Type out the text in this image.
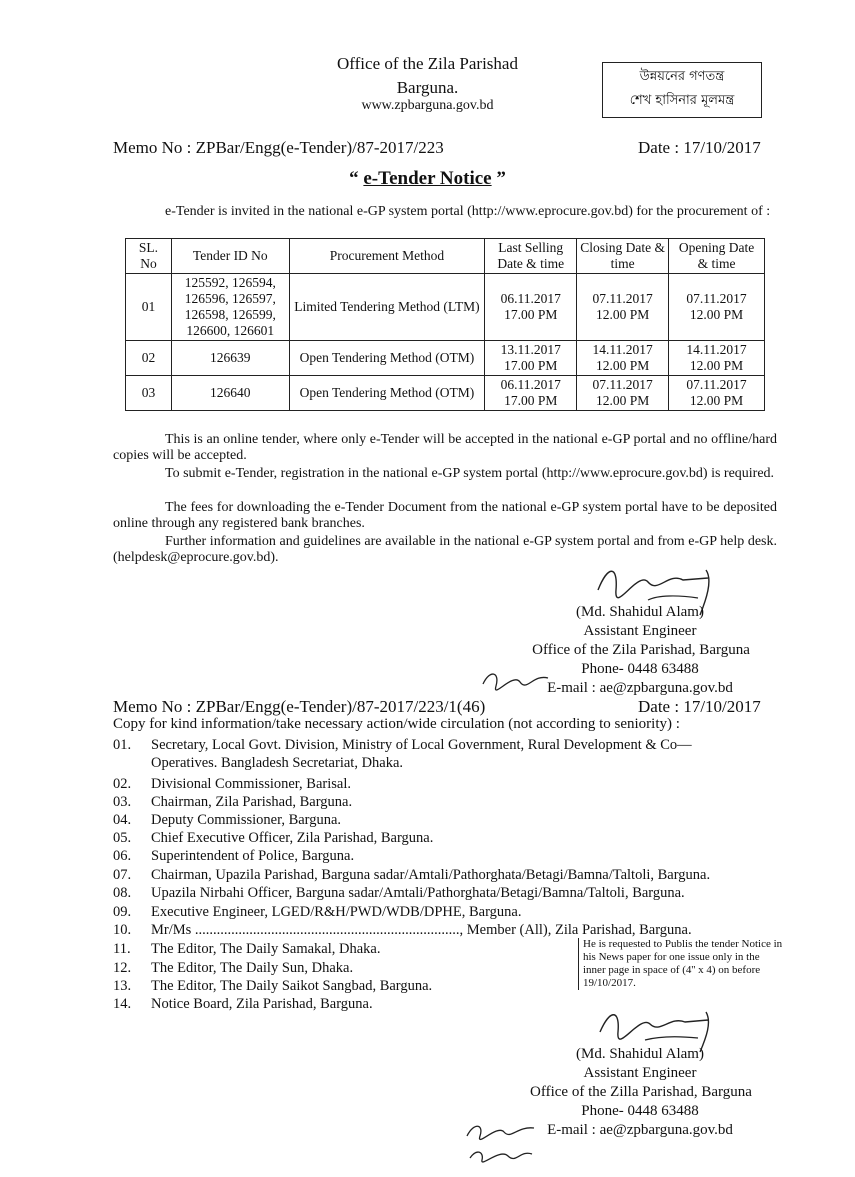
Office of the Zila Parishad
Barguna.
www.zpbarguna.gov.bd
উন্নয়নের গণতন্ত্র
শেখ হাসিনার মূলমন্ত্র
Memo No : ZPBar/Engg(e-Tender)/87-2017/223	Date : 17/10/2017
“ e-Tender Notice ”
e-Tender is invited in the national e-GP system portal (http://www.eprocure.gov.bd) for the procurement of :
SL. No	Tender ID No	Procurement Method	Last Selling Date & time	Closing Date & time	Opening Date & time
01	125592, 126594, 126596, 126597, 126598, 126599, 126600, 126601	Limited Tendering Method (LTM)	06.11.2017 17.00 PM	07.11.2017 12.00 PM	07.11.2017 12.00 PM
02	126639	Open Tendering Method (OTM)	13.11.2017 17.00 PM	14.11.2017 12.00 PM	14.11.2017 12.00 PM
03	126640	Open Tendering Method (OTM)	06.11.2017 17.00 PM	07.11.2017 12.00 PM	07.11.2017 12.00 PM
This is an online tender, where only e-Tender will be accepted in the national e-GP portal and no offline/hard copies will be accepted.
To submit e-Tender, registration in the national e-GP system portal (http://www.eprocure.gov.bd) is required.
The fees for downloading the e-Tender Document from the national e-GP system portal have to be deposited online through any registered bank branches.
Further information and guidelines are available in the national e-GP system portal and from e-GP help desk. (helpdesk@eprocure.gov.bd).
(Md. Shahidul Alam)
Assistant Engineer
Office of the Zila Parishad, Barguna
Phone- 0448 63488
E-mail : ae@zpbarguna.gov.bd
Memo No : ZPBar/Engg(e-Tender)/87-2017/223/1(46)	Date : 17/10/2017
Copy for kind information/take necessary action/wide circulation (not according to seniority) :
01. Secretary, Local Govt. Division, Ministry of Local Government, Rural Development & Co—
Operatives. Bangladesh Secretariat, Dhaka.
02. Divisional Commissioner, Barisal.
03. Chairman, Zila Parishad, Barguna.
04. Deputy Commissioner, Barguna.
05. Chief Executive Officer, Zila Parishad, Barguna.
06. Superintendent of Police, Barguna.
07. Chairman, Upazila Parishad, Barguna sadar/Amtali/Pathorghata/Betagi/Bamna/Taltoli, Barguna.
08. Upazila Nirbahi Officer, Barguna sadar/Amtali/Pathorghata/Betagi/Bamna/Taltoli, Barguna.
09. Executive Engineer, LGED/R&H/PWD/WDB/DPHE, Barguna.
10. Mr/Ms ........................................................................., Member (All), Zila Parishad, Barguna.
11. The Editor, The Daily Samakal, Dhaka.
12. The Editor, The Daily Sun, Dhaka.
13. The Editor, The Daily Saikot Sangbad, Barguna.
14. Notice Board, Zila Parishad, Barguna.
He is requested to Publis the tender Notice in his News paper for one issue only in the inner page in space of (4'' x 4) on before 19/10/2017.
(Md. Shahidul Alam)
Assistant Engineer
Office of the Zilla Parishad, Barguna
Phone- 0448 63488
E-mail : ae@zpbarguna.gov.bd
